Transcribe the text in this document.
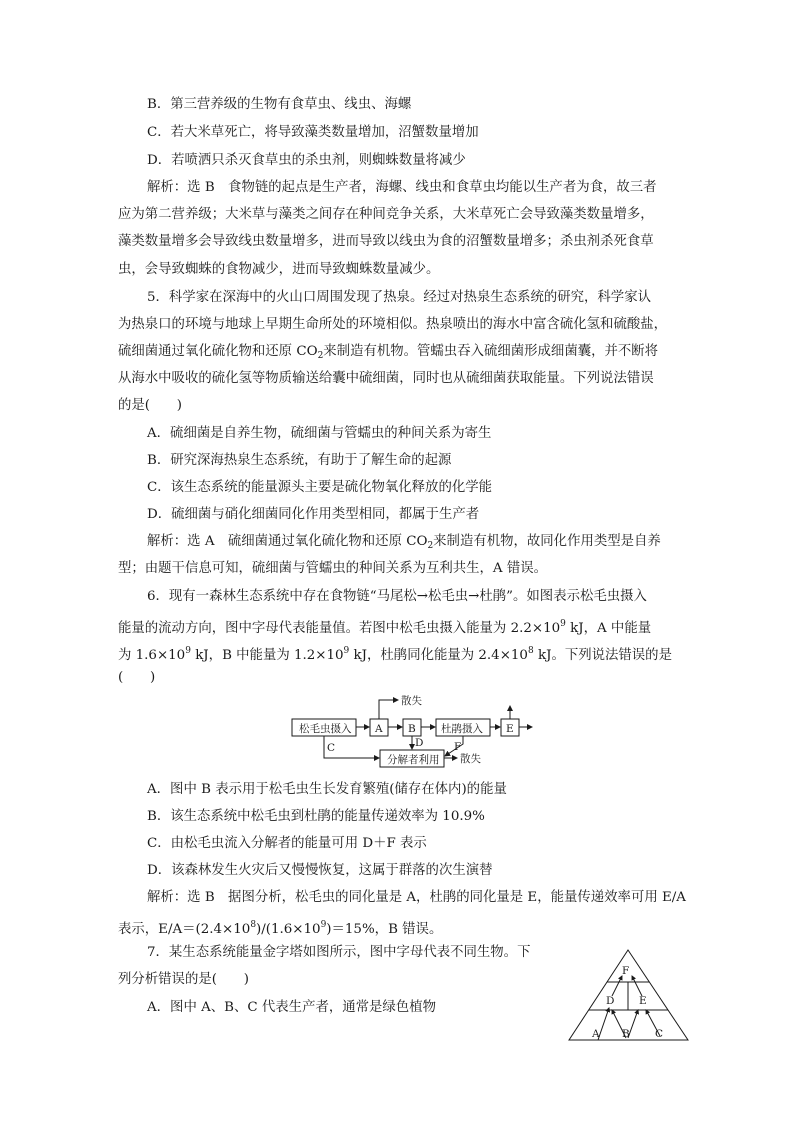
B．第三营养级的生物有食草虫、线虫、海螺
C．若大米草死亡，将导致藻类数量增加，沼蟹数量增加
D．若喷洒只杀灭食草虫的杀虫剂，则蜘蛛数量将减少
解析：选 B　食物链的起点是生产者，海螺、线虫和食草虫均能以生产者为食，故三者
应为第二营养级；大米草与藻类之间存在种间竞争关系，大米草死亡会导致藻类数量增多，
藻类数量增多会导致线虫数量增多，进而导致以线虫为食的沼蟹数量增多；杀虫剂杀死食草
虫，会导致蜘蛛的食物减少，进而导致蜘蛛数量减少。
5．科学家在深海中的火山口周围发现了热泉。经过对热泉生态系统的研究，科学家认
为热泉口的环境与地球上早期生命所处的环境相似。热泉喷出的海水中富含硫化氢和硫酸盐，
硫细菌通过氧化硫化物和还原 $CO_2$来制造有机物。管蠕虫吞入硫细菌形成细菌囊，并不断将
从海水中吸收的硫化氢等物质输送给囊中硫细菌，同时也从硫细菌获取能量。下列说法错误
的是(　　)
A．硫细菌是自养生物，硫细菌与管蠕虫的种间关系为寄生
B．研究深海热泉生态系统，有助于了解生命的起源
C．该生态系统的能量源头主要是硫化物氧化释放的化学能
D．硫细菌与硝化细菌同化作用类型相同，都属于生产者
解析：选 A　硫细菌通过氧化硫化物和还原 $CO_2$来制造有机物，故同化作用类型是自养
型；由题干信息可知，硫细菌与管蠕虫的种间关系为互利共生，A 错误。
6．现有一森林生态系统中存在食物链“马尾松→松毛虫→杜鹃”。如图表示松毛虫摄入
能量的流动方向，图中字母代表能量值。若图中松毛虫摄入能量为 $2.2\times 10^9$ kJ，A 中能量
为 $1.6\times 10^9$ kJ，B 中能量为 $1.2\times 10^9$ kJ，杜鹃同化能量为 $2.4\times 10^8$ kJ。下列说法错误的是
(　　)
松毛虫摄入 A B 杜鹃摄入 E
分解者利用
散失
散失
C	D	F
A．图中 B 表示用于松毛虫生长发育繁殖(储存在体内)的能量
B．该生态系统中松毛虫到杜鹃的能量传递效率为 10.9%
C．由松毛虫流入分解者的能量可用 D＋F 表示
D．该森林发生火灾后又慢慢恢复，这属于群落的次生演替
解析：选 B　据图分析，松毛虫的同化量是 A，杜鹃的同化量是 E，能量传递效率可用 E/A
表示，$E/A=(2.4\times 10^8)/(1.6\times 10^9)=15\%$，B 错误。
7．某生态系统能量金字塔如图所示，图中字母代表不同生物。下
列分析错误的是(　　)
A．图中 A、B、C 代表生产者，通常是绿色植物
F
D E
A B C
